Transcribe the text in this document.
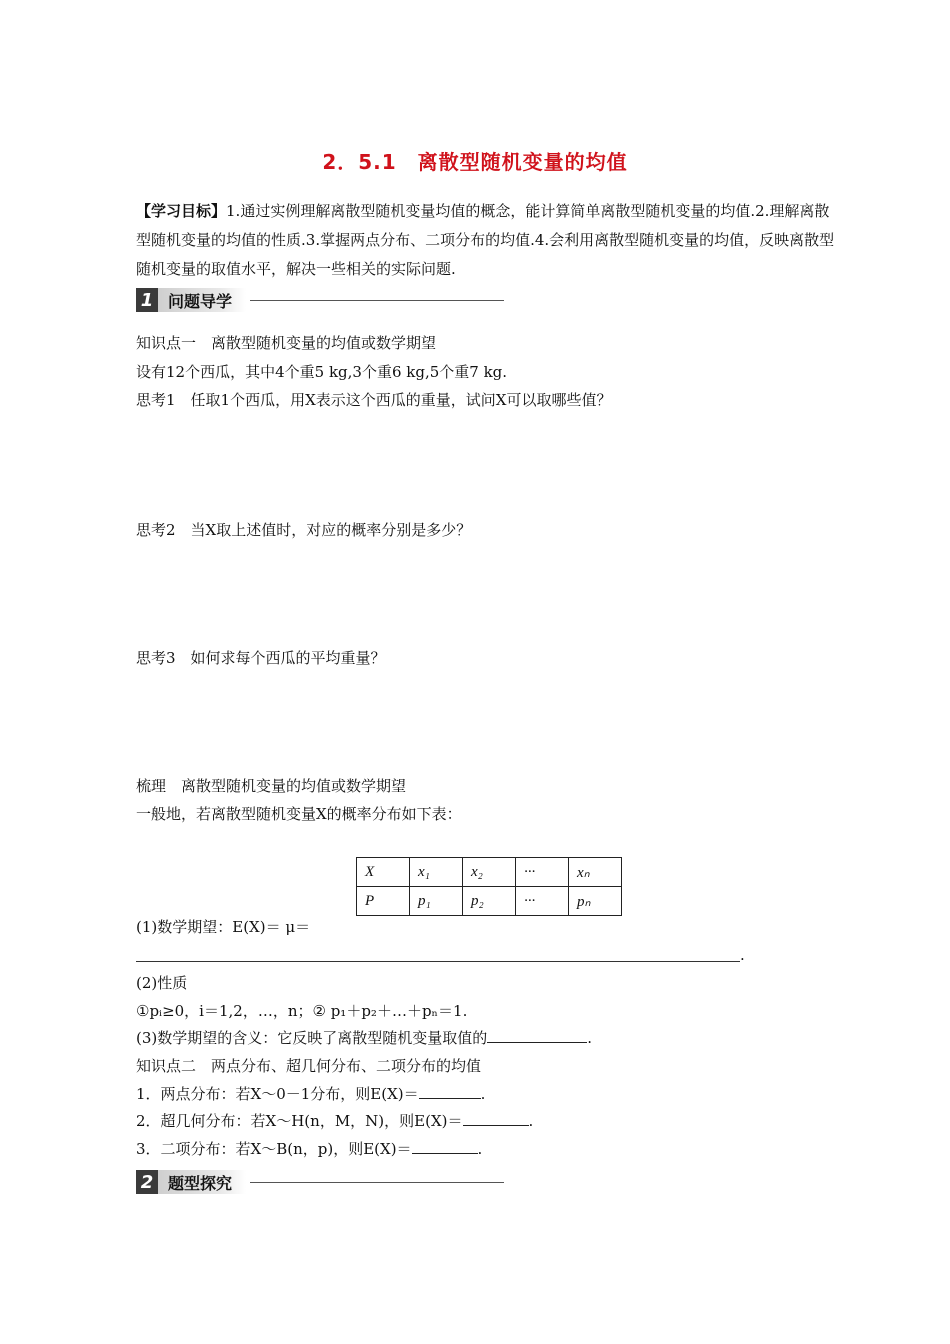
2．5.1　离散型随机变量的均值

【学习目标】1.通过实例理解离散型随机变量均值的概念，能计算简单离散型随机变量的均值.2.理解离散型随机变量的均值的性质.3.掌握两点分布、二项分布的均值.4.会利用离散型随机变量的均值，反映离散型随机变量的取值水平，解决一些相关的实际问题.

1 问题导学
知识点一　离散型随机变量的均值或数学期望
设有12个西瓜，其中4个重5 kg,3个重6 kg,5个重7 kg.
思考1　任取1个西瓜，用X表示这个西瓜的重量，试问X可以取哪些值？
思考2　当X取上述值时，对应的概率分别是多少？
思考3　如何求每个西瓜的平均重量？
梳理　离散型随机变量的均值或数学期望
一般地，若离散型随机变量X的概率分布如下表：
X	x₁	x₂	···	xₙ
P	p₁	p₂	···	pₙ
(1)数学期望：E(X)＝ μ＝
.
(2)性质
①pᵢ≥0，i＝1,2，…，n；② p₁＋p₂＋…＋pₙ＝1.
(3)数学期望的含义：它反映了离散型随机变量取值的	.
知识点二　两点分布、超几何分布、二项分布的均值
1．两点分布：若X～0－1分布，则E(X)＝	.
2．超几何分布：若X～H(n，M，N)，则E(X)＝	.
3．二项分布：若X～B(n，p)，则E(X)＝	.
2 题型探究
